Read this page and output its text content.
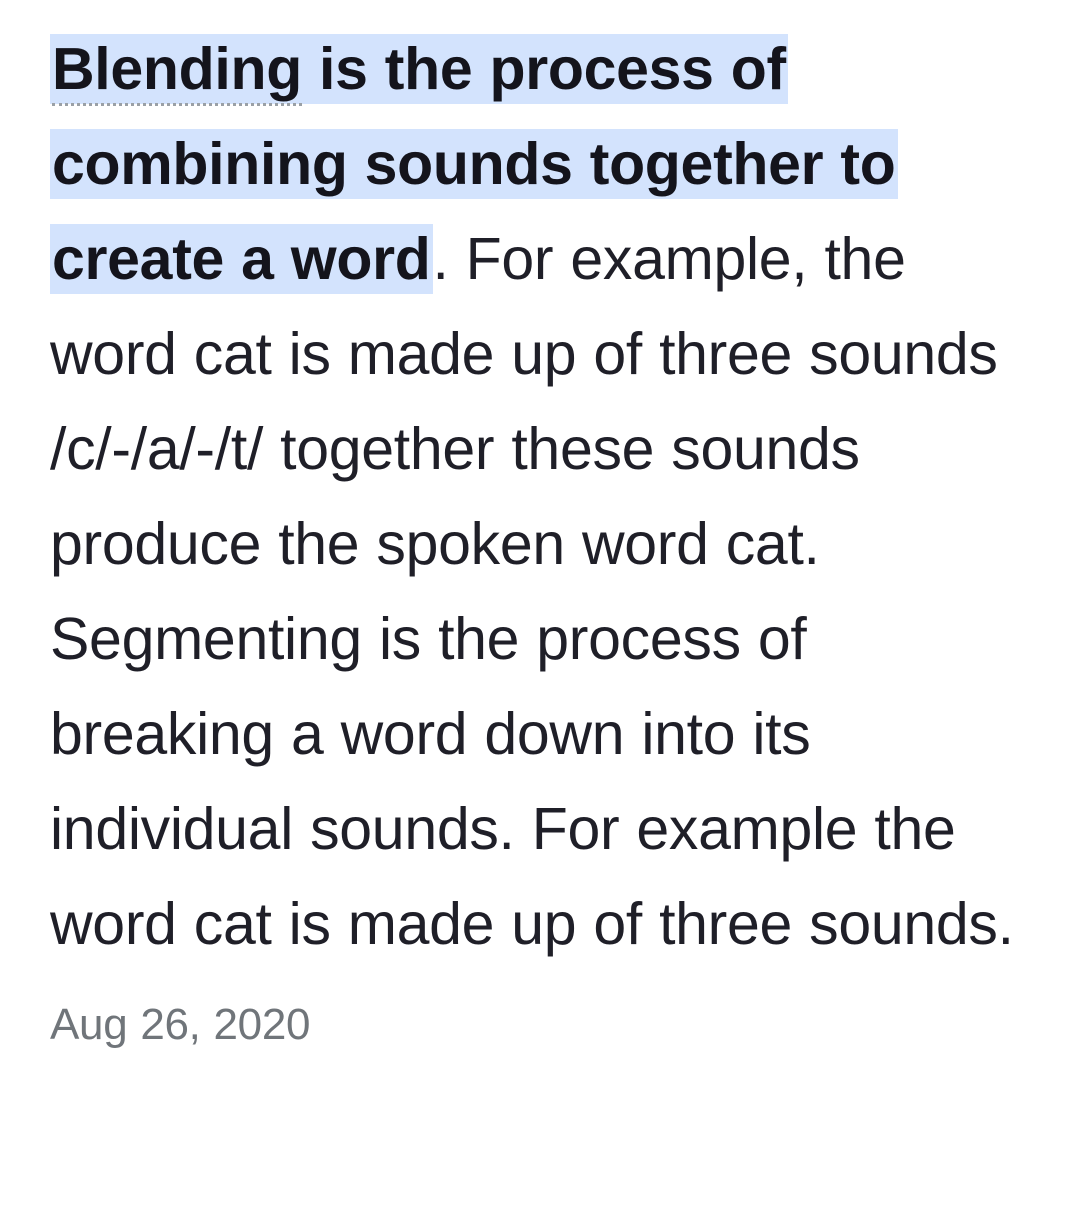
Blending is the process of combining sounds together to create a word. For example, the word cat is made up of three sounds /c/-/a/-/t/ together these sounds produce the spoken word cat. Segmenting is the process of breaking a word down into its individual sounds. For example the word cat is made up of three sounds. Aug 26, 2020
